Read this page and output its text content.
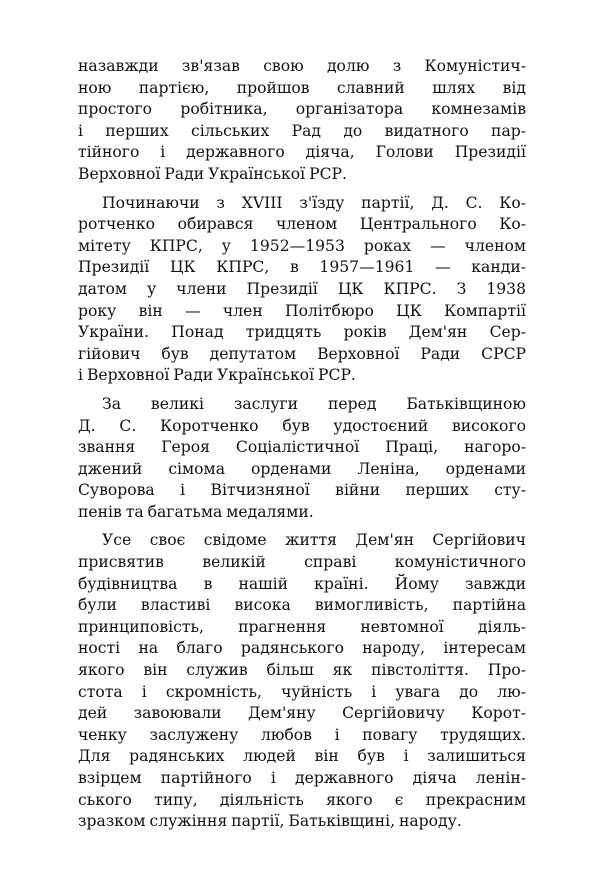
назавжди зв'язав свою долю з Комуністич-
ною партією, пройшов славний шлях від
простого робітника, організатора комнезамів
і перших сільських Рад до видатного пар-
тійного і державного діяча, Голови Президії
Верховної Ради Української РСР.

Починаючи з XVIII з'їзду партії, Д. С. Ко-
ротченко обирався членом Центрального Ко-
мітету КПРС, у 1952—1953 роках — членом
Президії ЦК КПРС, в 1957—1961 — канди-
датом у члени Президії ЦК КПРС. З 1938
року він — член Політбюро ЦК Компартії
України. Понад тридцять років Дем'ян Сер-
гійович був депутатом Верховної Ради СРСР
і Верховної Ради Української РСР.

За великі заслуги перед Батьківщиною
Д. С. Коротченко був удостоєний високого
звання Героя Соціалістичної Праці, нагоро-
джений сімома орденами Леніна, орденами
Суворова і Вітчизняної війни перших сту-
пенів та багатьма медалями.

Усе своє свідоме життя Дем'ян Сергійович
присвятив великій справі комуністичного
будівництва в нашій країні. Йому завжди
були властиві висока вимогливість, партійна
принциповість, прагнення невтомної діяль-
ності на благо радянського народу, інтересам
якого він служив більш як півстоліття. Про-
стота і скромність, чуйність і увага до лю-
дей завоювали Дем'яну Сергійовичу Корот-
ченку заслужену любов і повагу трудящих.
Для радянських людей він був і залишиться
взірцем партійного і державного діяча ленін-
ського типу, діяльність якого є прекрасним
зразком служіння партії, Батьківщині, народу.
